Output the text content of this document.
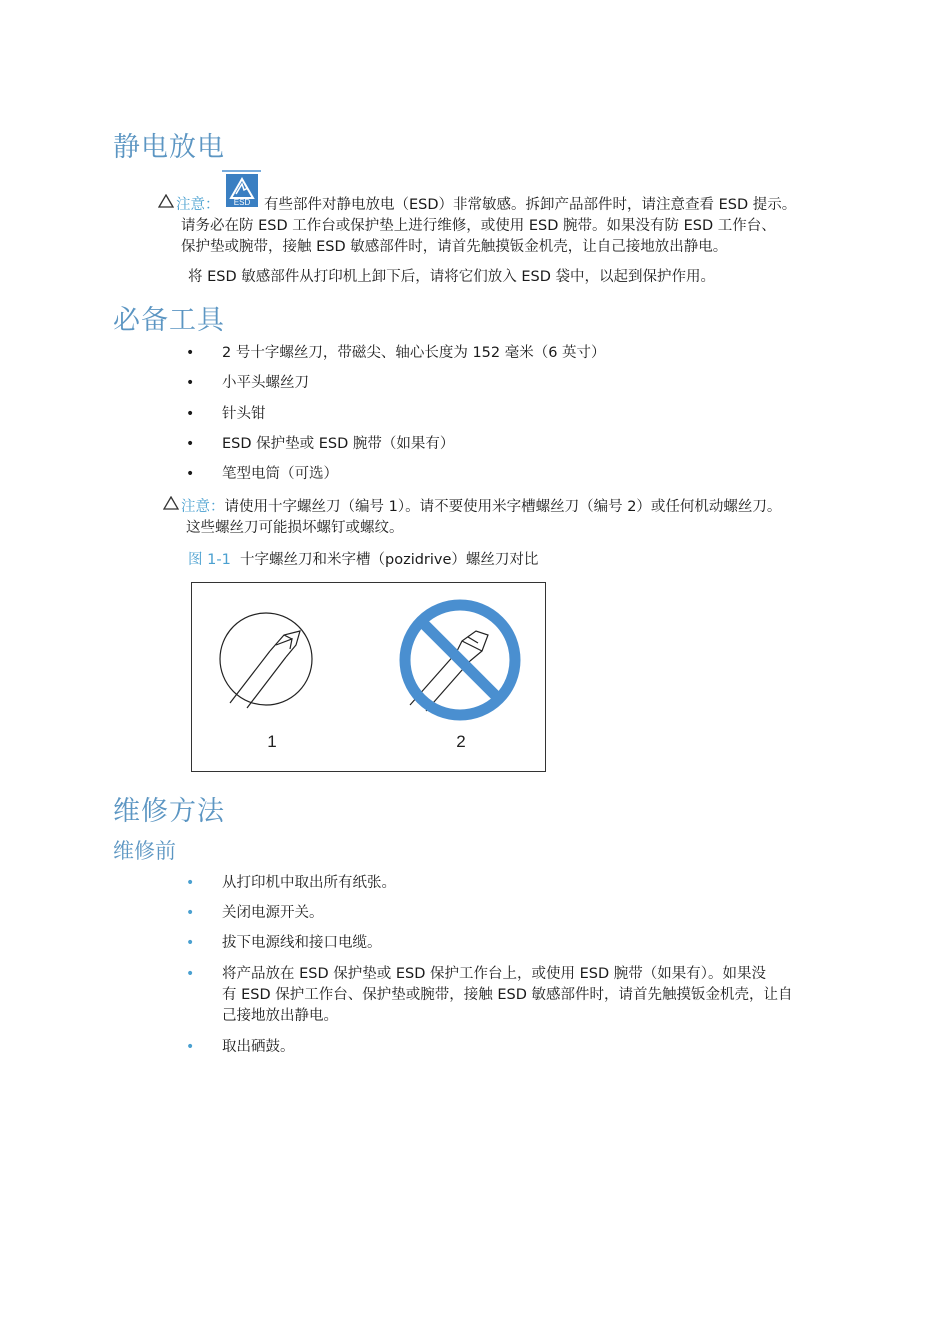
静电放电
注意： ESD 有些部件对静电放电（ESD）非常敏感。拆卸产品部件时，请注意查看 ESD 提示。
请务必在防 ESD 工作台或保护垫上进行维修，或使用 ESD 腕带。如果没有防 ESD 工作台、
保护垫或腕带，接触 ESD 敏感部件时，请首先触摸钣金机壳，让自己接地放出静电。
将 ESD 敏感部件从打印机上卸下后，请将它们放入 ESD 袋中，以起到保护作用。
必备工具
• 2 号十字螺丝刀，带磁尖、轴心长度为 152 毫米（6 英寸）
• 小平头螺丝刀
• 针头钳
• ESD 保护垫或 ESD 腕带（如果有）
• 笔型电筒（可选）
注意：请使用十字螺丝刀（编号 1）。请不要使用米字槽螺丝刀（编号 2）或任何机动螺丝刀。
这些螺丝刀可能损坏螺钉或螺纹。
图 1-1 十字螺丝刀和米字槽（pozidrive）螺丝刀对比
1	2
维修方法
维修前
• 从打印机中取出所有纸张。
• 关闭电源开关。
• 拔下电源线和接口电缆。
• 将产品放在 ESD 保护垫或 ESD 保护工作台上，或使用 ESD 腕带（如果有）。如果没
有 ESD 保护工作台、保护垫或腕带，接触 ESD 敏感部件时，请首先触摸钣金机壳，让自
己接地放出静电。
• 取出硒鼓。
